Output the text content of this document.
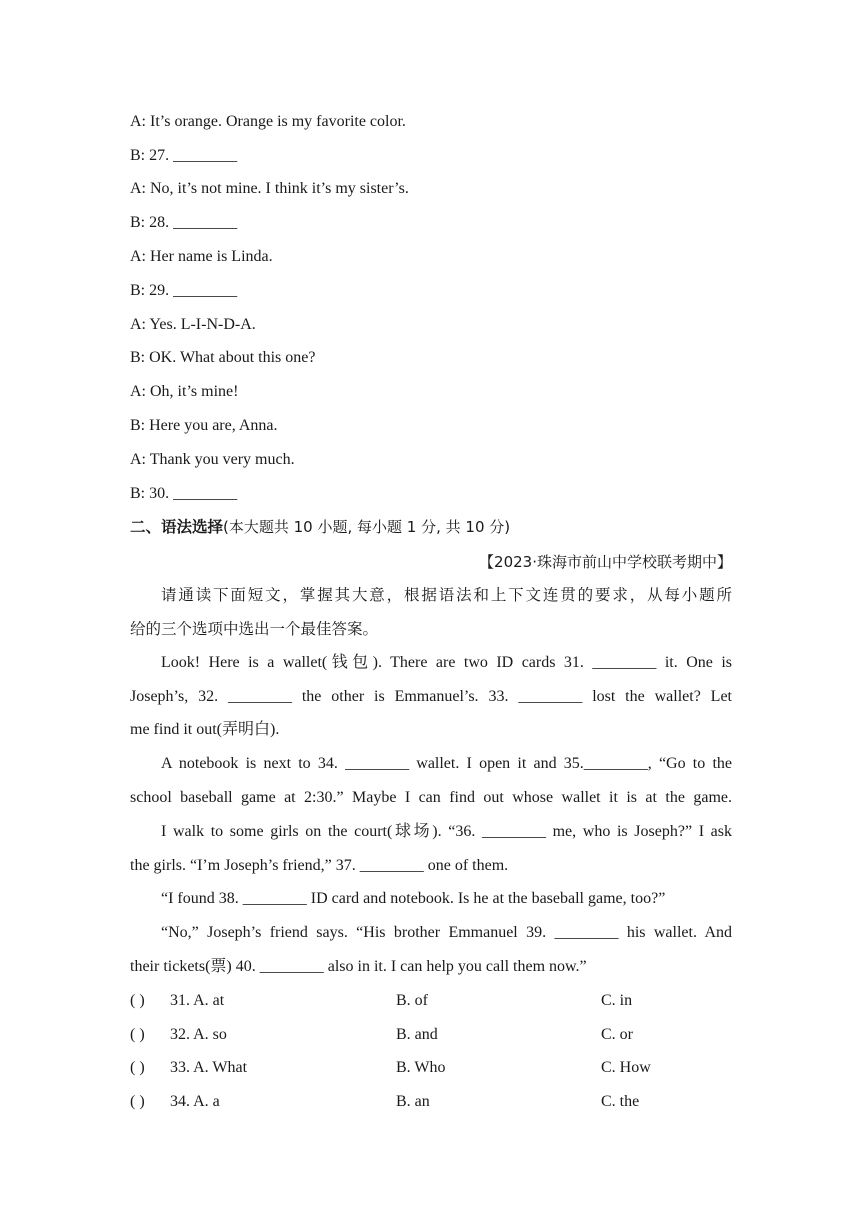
A: It’s orange. Orange is my favorite color.
B: 27. ________
A: No, it’s not mine. I think it’s my sister’s.
B: 28. ________
A: Her name is Linda.
B: 29. ________
A: Yes. L-I-N-D-A.
B: OK. What about this one?
A: Oh, it’s mine!
B: Here you are, Anna.
A: Thank you very much.
B: 30. ________
二、语法选择(本大题共 10 小题, 每小题 1 分, 共 10 分)
【2023·珠海市前山中学校联考期中】
请通读下面短文，掌握其大意，根据语法和上下文连贯的要求，从每小题所
给的三个选项中选出一个最佳答案。
Look! Here is a wallet(钱包). There are two ID cards 31. ________ it. One is
Joseph’s, 32. ________ the other is Emmanuel’s. 33. ________ lost the wallet? Let
me find it out(弄明白).
A notebook is next to 34. ________ wallet. I open it and 35.________, “Go to the
school baseball game at 2:30.” Maybe I can find out whose wallet it is at the game.
I walk to some girls on the court(球场). “36. ________ me, who is Joseph?” I ask
the girls. “I’m Joseph’s friend,” 37. ________ one of them.
“I found 38. ________ ID card and notebook. Is he at the baseball game, too?”
“No,” Joseph’s friend says. “His brother Emmanuel 39. ________ his wallet. And
their tickets(票) 40. ________ also in it. I can help you call them now.”
( ) 31. A. at	B. of	C. in
( ) 32. A. so	B. and	C. or
( ) 33. A. What	B. Who	C. How
( ) 34. A. a	B. an	C. the
